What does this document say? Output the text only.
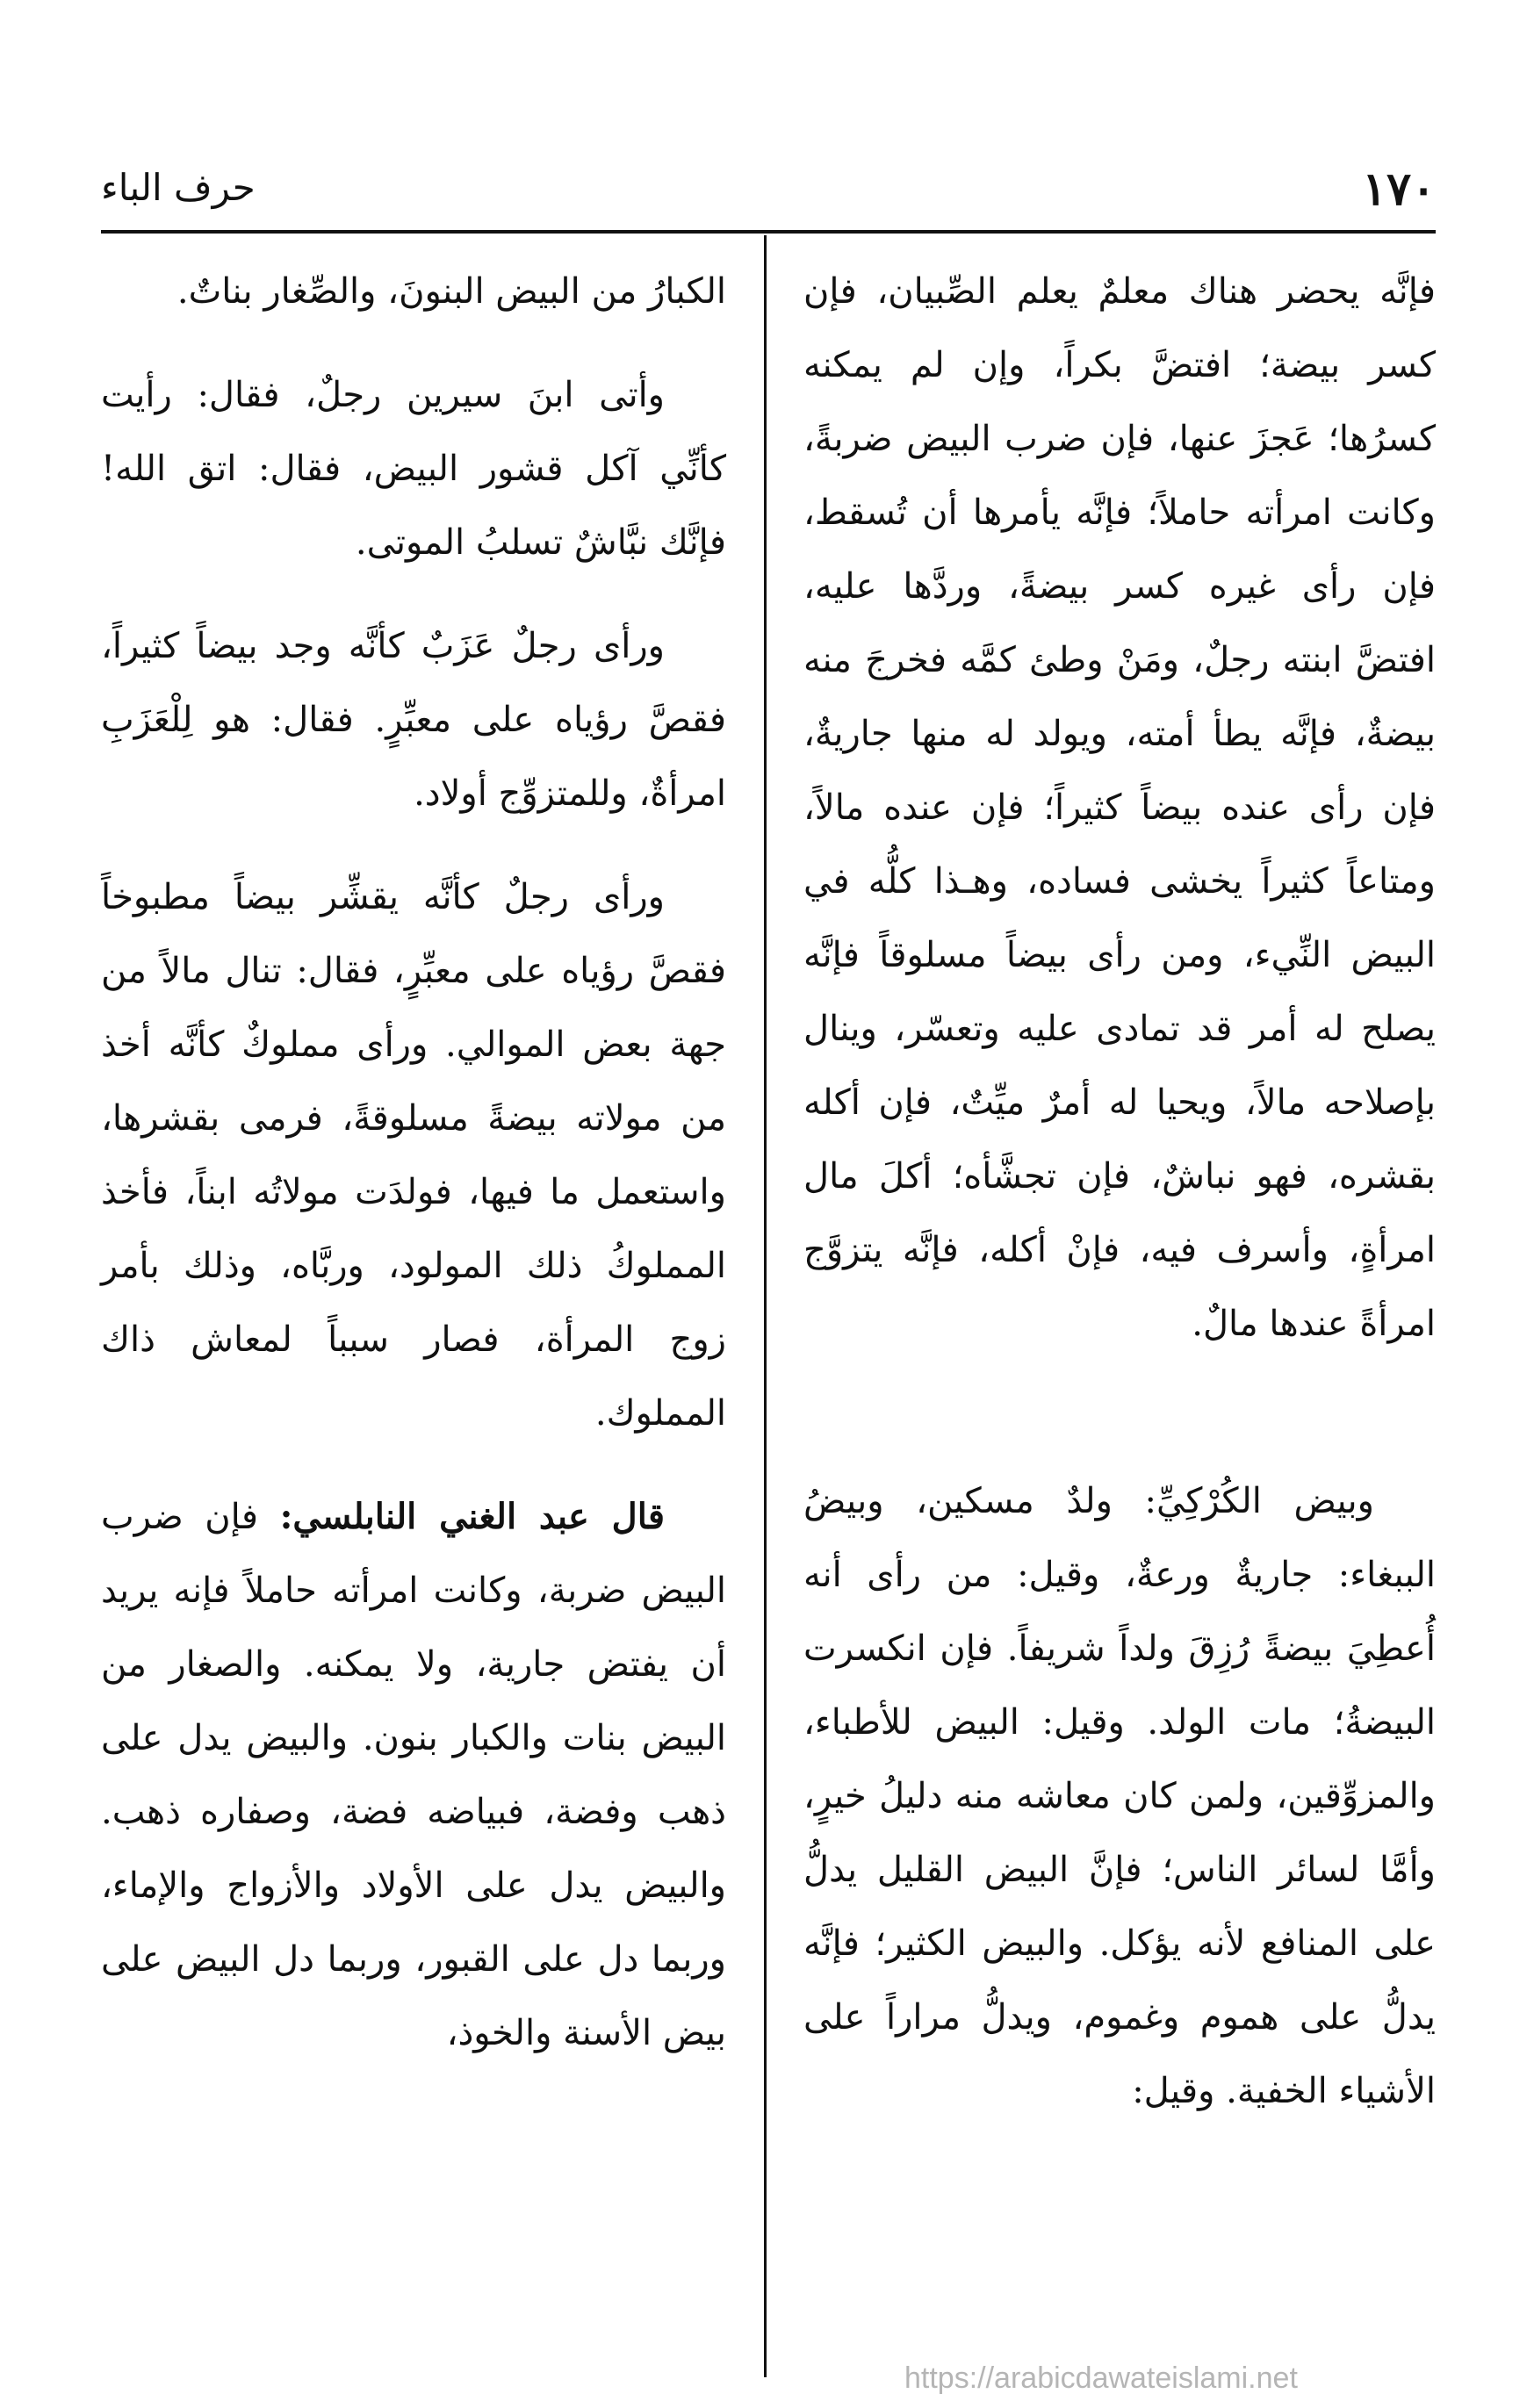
١٧٠
حرف الباء

فإنَّه يحضر هناك معلمٌ يعلم الصِّبيان، فإن كسر بيضة؛ افتضَّ بكراً، وإن لم يمكنه كسرُها؛ عَجزَ عنها، فإن ضرب البيض ضربةً، وكانت امرأته حاملاً؛ فإنَّه يأمرها أن تُسقط، فإن رأى غيره كسر بيضةً، وردَّها عليه، افتضَّ ابنته رجلٌ، ومَنْ وطئ كمَّه فخرجَ منه بيضةٌ، فإنَّه يطأ أمته، ويولد له منها جاريةٌ، فإن رأى عنده بيضاً كثيراً؛ فإن عنده مالاً، ومتاعاً كثيراً يخشى فساده، وهـذا كلُّه في البيض النِّيء، ومن رأى بيضاً مسلوقاً فإنَّه يصلح له أمر قد تمادى عليه وتعسّر، وينال بإصلاحه مالاً، ويحيا له أمرٌ ميِّتٌ، فإن أكله بقشره، فهو نباشٌ، فإن تجشَّأه؛ أكلَ مال امرأةٍ، وأسرف فيه، فإنْ أكله، فإنَّه يتزوَّج امرأةً عندها مالٌ.

وبيض الكُرْكِيِّ: ولدٌ مسكين، وبيضُ الببغاء: جاريةٌ ورعةٌ، وقيل: من رأى أنه أُعطِيَ بيضةً رُزِقَ ولداً شريفاً. فإن انكسرت البيضةُ؛ مات الولد. وقيل: البيض للأطباء، والمزوِّقين، ولمن كان معاشه منه دليلُ خيرٍ، وأمَّا لسائر الناس؛ فإنَّ البيض القليل يدلُّ على المنافع لأنه يؤكل. والبيض الكثير؛ فإنَّه يدلُّ على هموم وغموم، ويدلُّ مراراً على الأشياء الخفية. وقيل:

الكبارُ من البيض البنونَ، والصِّغار بناتٌ.

وأتى ابنَ سيرين رجلٌ، فقال: رأيت كأنِّي آكل قشور البيض، فقال: اتق الله! فإنَّك نبَّاشٌ تسلبُ الموتى.

ورأى رجلٌ عَزَبٌ كأنَّه وجد بيضاً كثيراً، فقصَّ رؤياه على معبِّرٍ. فقال: هو لِلْعَزَبِ امرأةٌ، وللمتزوِّج أولاد.

ورأى رجلٌ كأنَّه يقشِّر بيضاً مطبوخاً فقصَّ رؤياه على معبِّرٍ، فقال: تنال مالاً من جهة بعض الموالي. ورأى مملوكٌ كأنَّه أخذ من مولاته بيضةً مسلوقةً، فرمى بقشرها، واستعمل ما فيها، فولدَت مولاتُه ابناً، فأخذ المملوكُ ذلك المولود، وربَّاه، وذلك بأمر زوج المرأة، فصار سبباً لمعاش ذاك المملوك.

قال عبد الغني النابلسي: فإن ضرب البيض ضربة، وكانت امرأته حاملاً فإنه يريد أن يفتض جارية، ولا يمكنه. والصغار من البيض بنات والكبار بنون. والبيض يدل على ذهب وفضة، فبياضه فضة، وصفاره ذهب. والبيض يدل على الأولاد والأزواج والإماء، وربما دل على القبور، وربما دل البيض على بيض الأسنة والخوذ،

https://arabicdawateislami.net
